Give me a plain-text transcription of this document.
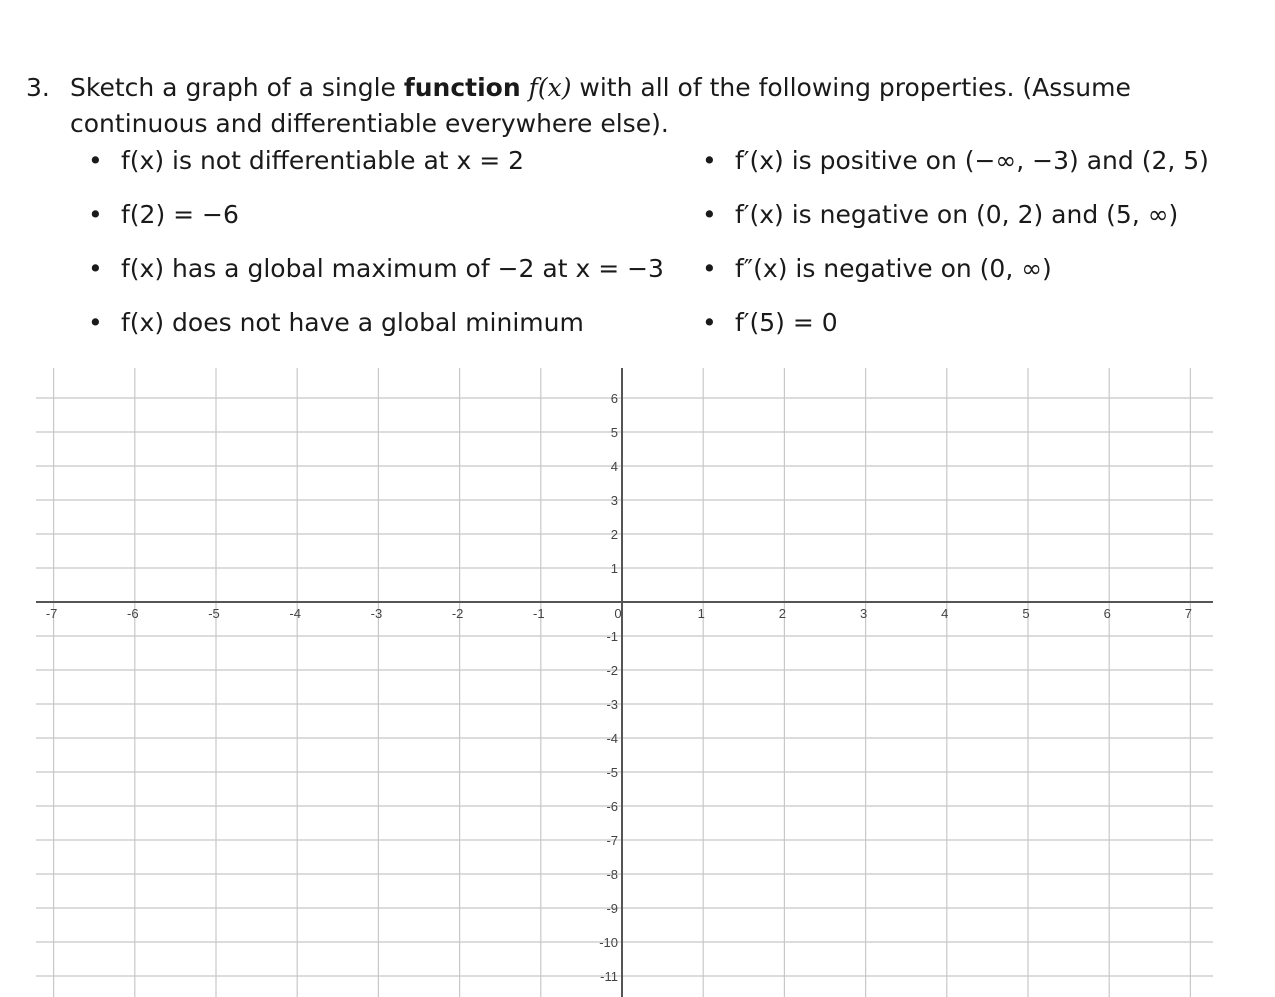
3. Sketch a graph of a single function f(x) with all of the following properties. (Assume
continuous and differentiable everywhere else).
• f(x) is not differentiable at x = 2
• f(2) = −6
• f(x) has a global maximum of −2 at x = −3
• f(x) does not have a global minimum
• f′(x) is positive on (−∞, −3) and (2, 5)
• f′(x) is negative on (0, 2) and (5, ∞)
• f″(x) is negative on (0, ∞)
• f′(5) = 0
-7	-6	-5	-4	-3	-2	-1	0	1	2	3	4	5	6	7
6
5
4
3
2
1
-1
-2
-3
-4
-5
-6
-7
-8
-9
-10
-11
